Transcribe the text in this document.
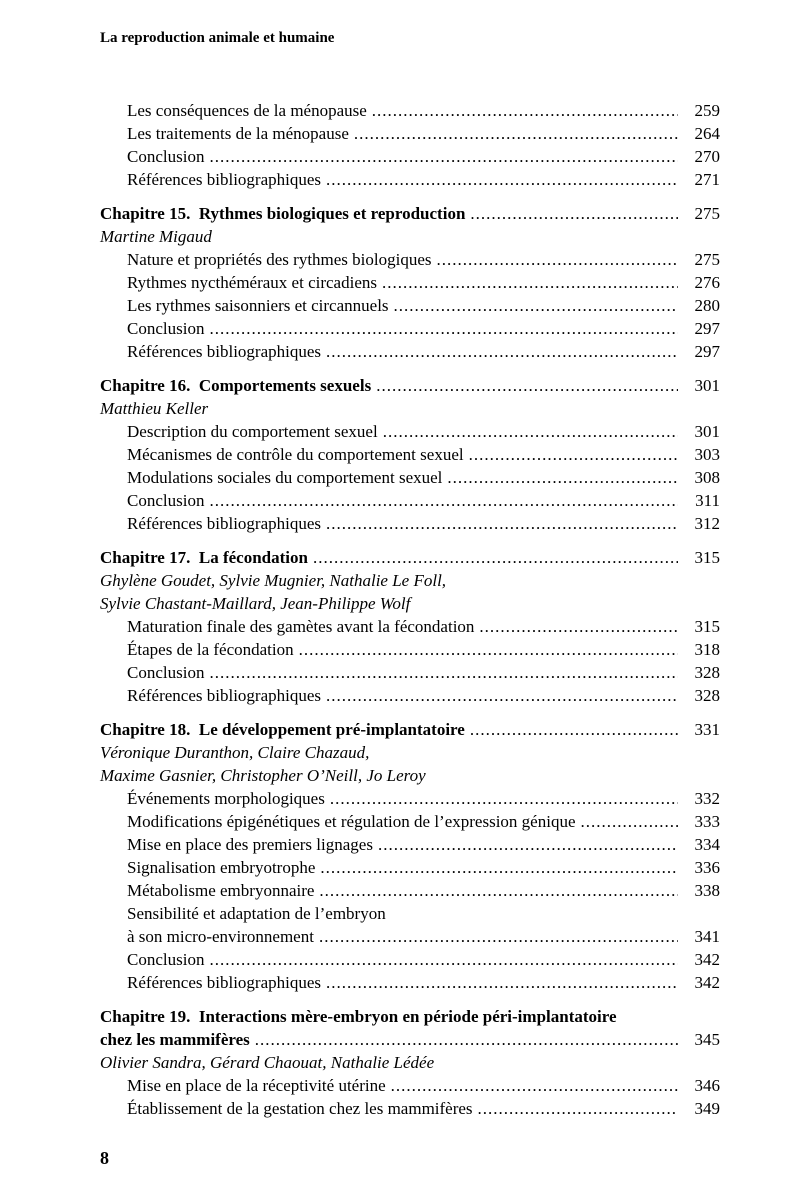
La reproduction animale et humaine
Les conséquences de la ménopause .....	259
Les traitements de la ménopause .....	264
Conclusion .....	270
Références bibliographiques .....	271
Chapitre 15.  Rythmes biologiques et reproduction .....	275
Martine Migaud
Nature et propriétés des rythmes biologiques .....	275
Rythmes nycthéméraux et circadiens .....	276
Les rythmes saisonniers et circannuels .....	280
Conclusion .....	297
Références bibliographiques .....	297
Chapitre 16.  Comportements sexuels .....	301
Matthieu Keller
Description du comportement sexuel .....	301
Mécanismes de contrôle du comportement sexuel .....	303
Modulations sociales du comportement sexuel .....	308
Conclusion .....	311
Références bibliographiques .....	312
Chapitre 17.  La fécondation .....	315
Ghylène Goudet, Sylvie Mugnier, Nathalie Le Foll,
Sylvie Chastant-Maillard, Jean-Philippe Wolf
Maturation finale des gamètes avant la fécondation .....	315
Étapes de la fécondation .....	318
Conclusion .....	328
Références bibliographiques .....	328
Chapitre 18.  Le développement pré-implantatoire .....	331
Véronique Duranthon, Claire Chazaud,
Maxime Gasnier, Christopher O’Neill, Jo Leroy
Événements morphologiques .....	332
Modifications épigénétiques et régulation de l’expression génique .....	333
Mise en place des premiers lignages .....	334
Signalisation embryotrophe .....	336
Métabolisme embryonnaire .....	338
Sensibilité et adaptation de l’embryon
à son micro-environnement .....	341
Conclusion .....	342
Références bibliographiques .....	342
Chapitre 19.  Interactions mère-embryon en période péri-implantatoire
chez les mammifères .....	345
Olivier Sandra, Gérard Chaouat, Nathalie Lédée
Mise en place de la réceptivité utérine .....	346
Établissement de la gestation chez les mammifères .....	349
8
